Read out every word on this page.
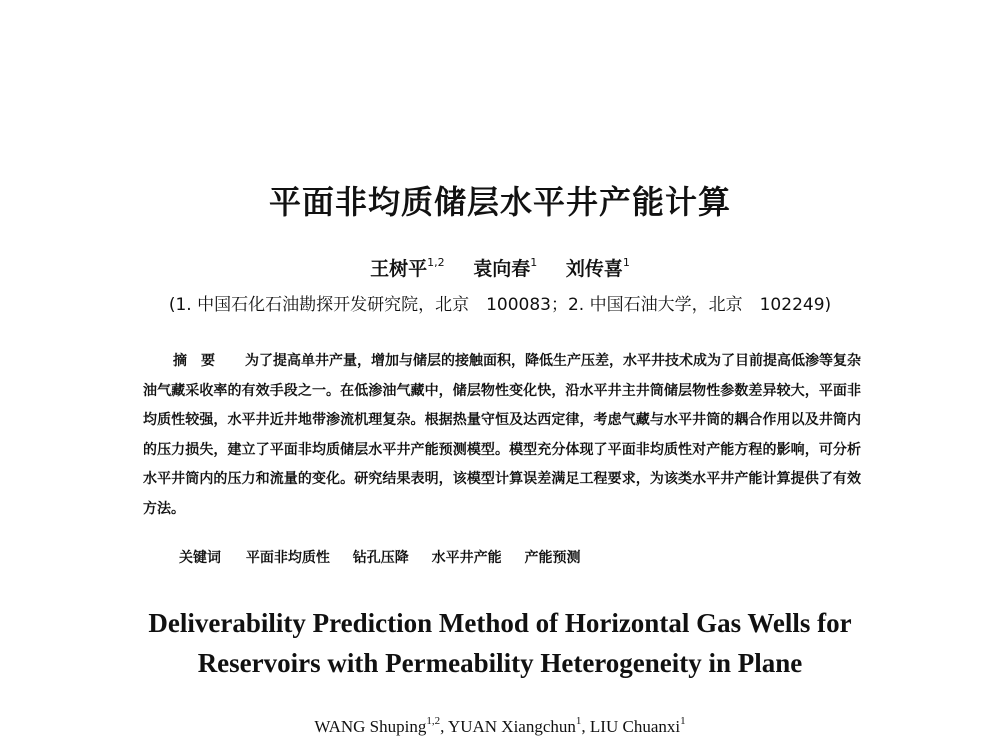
平面非均质储层水平井产能计算
王树平$^{1,2}$ 袁向春$^1$ 刘传喜$^1$
(1. 中国石化石油勘探开发研究院，北京　100083；2. 中国石油大学，北京　102249)
摘要 为了提高单井产量，增加与储层的接触面积，降低生产压差，水平井技术成为了目前提高低渗等复杂油气藏采收率的有效手段之一。在低渗油气藏中，储层物性变化快，沿水平井主井筒储层物性参数差异较大，平面非均质性较强，水平井近井地带渗流机理复杂。根据热量守恒及达西定律，考虑气藏与水平井筒的耦合作用以及井筒内的压力损失，建立了平面非均质储层水平井产能预测模型。模型充分体现了平面非均质性对产能方程的影响，可分析水平井筒内的压力和流量的变化。研究结果表明，该模型计算误差满足工程要求，为该类水平井产能计算提供了有效方法。
关键词 平面非均质性 钻孔压降 水平井产能 产能预测
Deliverability Prediction Method of Horizontal Gas Wells for
Reservoirs with Permeability Heterogeneity in Plane
WANG Shuping$^{1,2}$, YUAN Xiangchun$^1$, LIU Chuanxi$^1$
